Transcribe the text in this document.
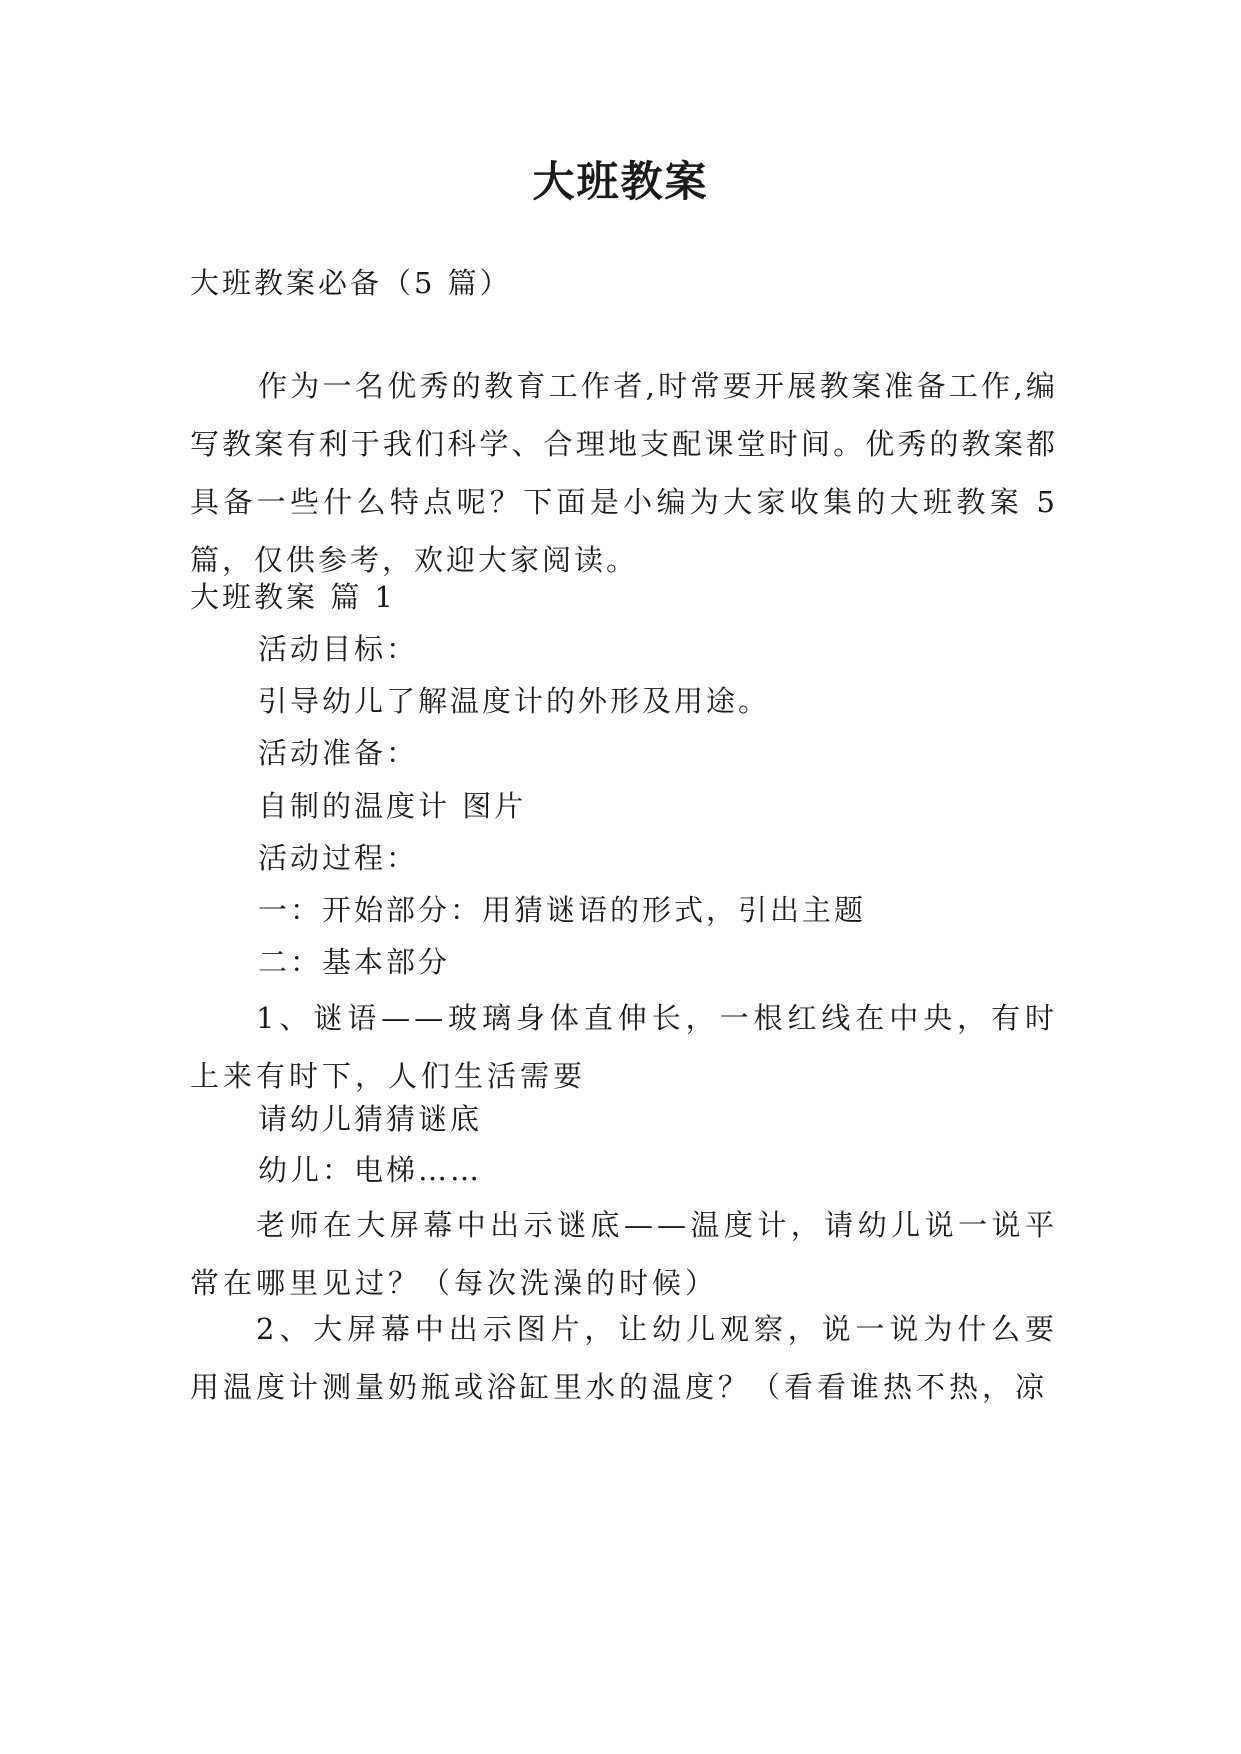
大班教案
大班教案必备（5 篇）
作为一名优秀的教育工作者,时常要开展教案准备工作,编写教案有利于我们科学、合理地支配课堂时间。优秀的教案都具备一些什么特点呢？下面是小编为大家收集的大班教案 5 篇，仅供参考，欢迎大家阅读。
大班教案 篇 1
活动目标：
引导幼儿了解温度计的外形及用途。
活动准备：
自制的温度计 图片
活动过程：
一：开始部分：用猜谜语的形式，引出主题
二：基本部分
1、谜语——玻璃身体直伸长，一根红线在中央，有时上来有时下，人们生活需要
请幼儿猜猜谜底
幼儿：电梯……
老师在大屏幕中出示谜底——温度计，请幼儿说一说平常在哪里见过？（每次洗澡的时候）
2、大屏幕中出示图片，让幼儿观察，说一说为什么要用温度计测量奶瓶或浴缸里水的温度？（看看谁热不热，凉
